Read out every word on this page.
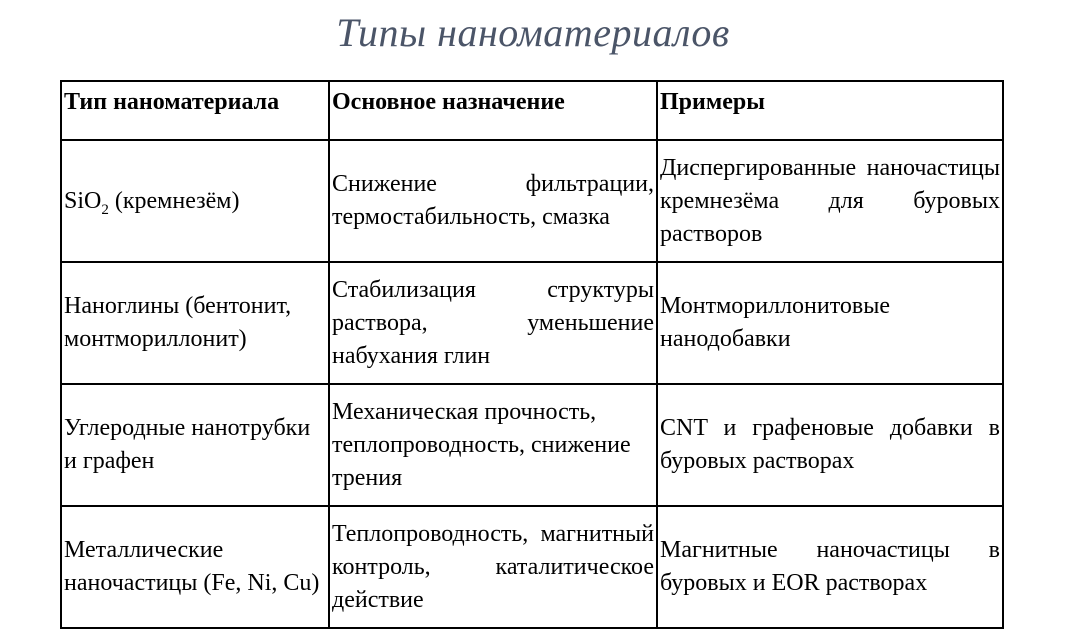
Типы наноматериалов
Тип наноматериала	Основное назначение	Примеры
SiO$_2$ (кремнезём)	Снижение фильтрации, термостабильность, смазка	Диспергированные наночастицы кремнезёма для буровых растворов
Наноглины (бентонит, монтмориллонит)	Стабилизация структуры раствора, уменьшение набухания глин	Монтмориллонитовые нанодобавки
Углеродные нанотрубки и графен	Механическая прочность, теплопроводность, снижение трения	CNT и графеновые добавки в буровых растворах
Металлические наночастицы (Fe, Ni, Cu)	Теплопроводность, магнитный контроль, каталитическое действие	Магнитные наночастицы в буровых и EOR растворах
